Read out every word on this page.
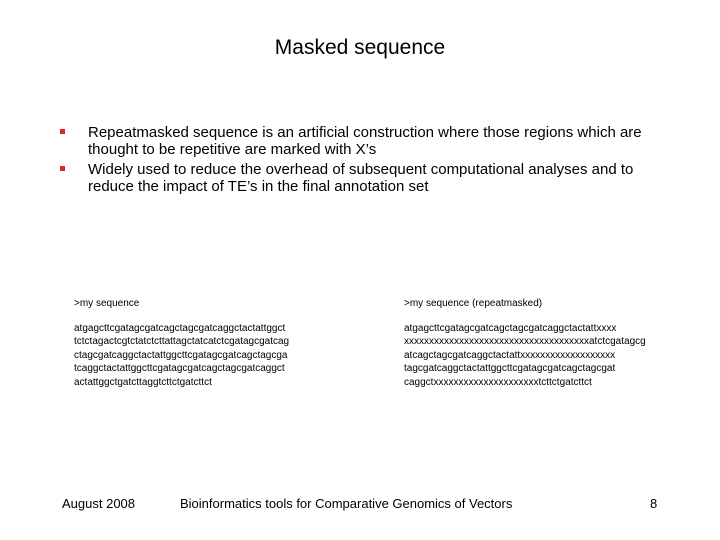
Masked sequence
Repeatmasked sequence is an artificial construction where those regions which are thought to be repetitive are marked with X’s
Widely used to reduce the overhead of subsequent computational analyses and to reduce the impact of TE’s in the final annotation set
>my sequence
atgagcttcgatagcgatcagctagcgatcaggctactattggct
tctctagactcgtctatctcttattagctatcatctcgatagcgatcag
ctagcgatcaggctactattggcttcgatagcgatcagctagcga
tcaggctactattggcttcgatagcgatcagctagcgatcaggct
actattggctgatcttaggtcttctgatcttct
>my sequence (repeatmasked)
atgagcttcgatagcgatcagctagcgatcaggctactattxxxx
xxxxxxxxxxxxxxxxxxxxxxxxxxxxxxxxxxxxxatctcgatagcg
atcagctagcgatcaggctactattxxxxxxxxxxxxxxxxxxx
tagcgatcaggctactattggcttcgatagcgatcagctagcgat
caggctxxxxxxxxxxxxxxxxxxxxxtcttctgatcttct
August 2008	Bioinformatics tools for Comparative Genomics of Vectors	8
